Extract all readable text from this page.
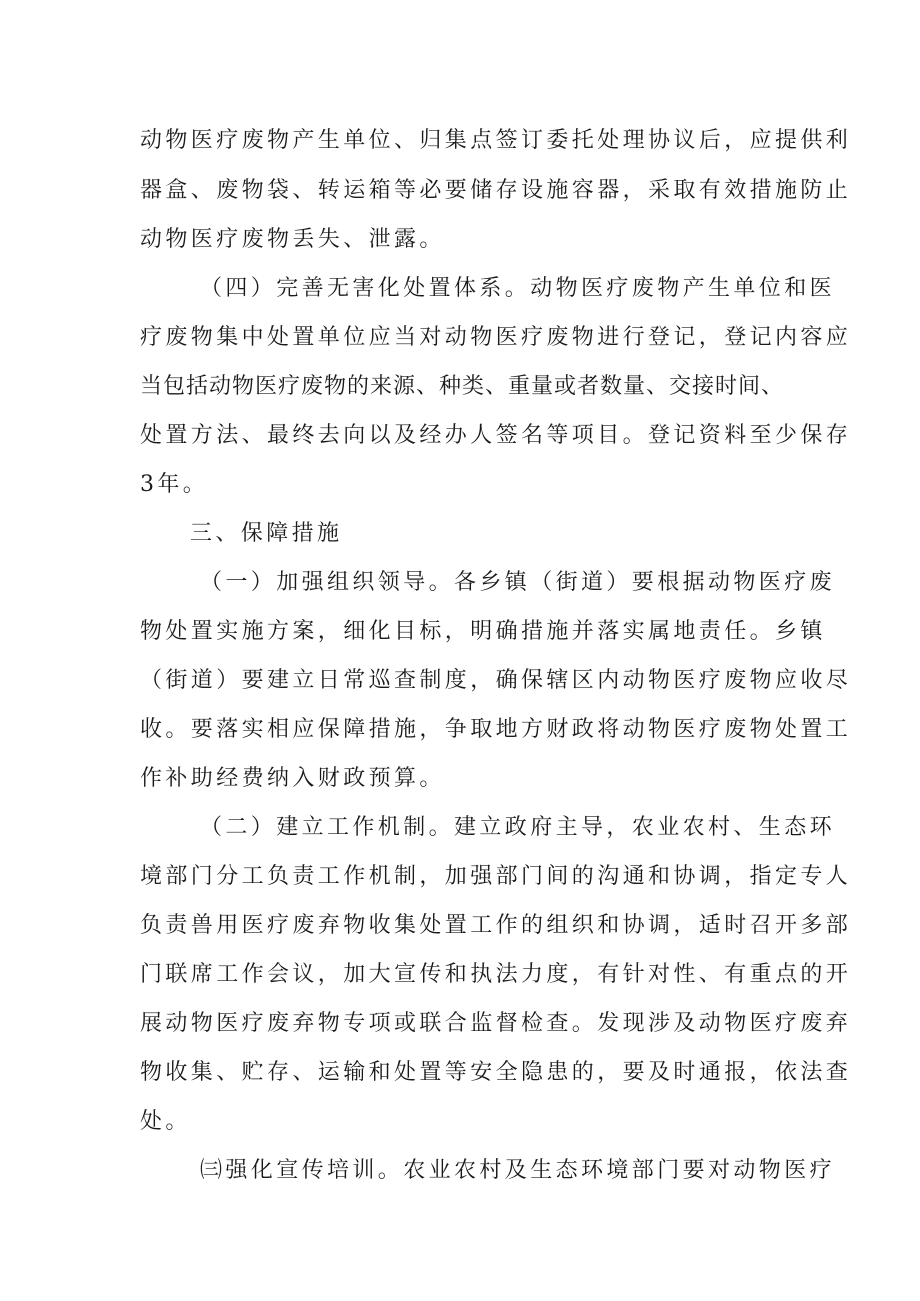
动物医疗废物产生单位、归集点签订委托处理协议后，应提供利

器盒、废物袋、转运箱等必要储存设施容器，采取有效措施防止

动物医疗废物丢失、泄露。

（四）完善无害化处置体系。动物医疗废物产生单位和医

疗废物集中处置单位应当对动物医疗废物进行登记，登记内容应

当包括动物医疗废物的来源、种类、重量或者数量、交接时间、

处置方法、最终去向以及经办人签名等项目。登记资料至少保存

3年。

三、保障措施

（一）加强组织领导。各乡镇（街道）要根据动物医疗废

物处置实施方案，细化目标，明确措施并落实属地责任。乡镇

（街道）要建立日常巡查制度，确保辖区内动物医疗废物应收尽

收。要落实相应保障措施，争取地方财政将动物医疗废物处置工

作补助经费纳入财政预算。

（二）建立工作机制。建立政府主导，农业农村、生态环

境部门分工负责工作机制，加强部门间的沟通和协调，指定专人

负责兽用医疗废弃物收集处置工作的组织和协调，适时召开多部

门联席工作会议，加大宣传和执法力度，有针对性、有重点的开

展动物医疗废弃物专项或联合监督检查。发现涉及动物医疗废弃

物收集、贮存、运输和处置等安全隐患的，要及时通报，依法查

处。

㈢强化宣传培训。农业农村及生态环境部门要对动物医疗
